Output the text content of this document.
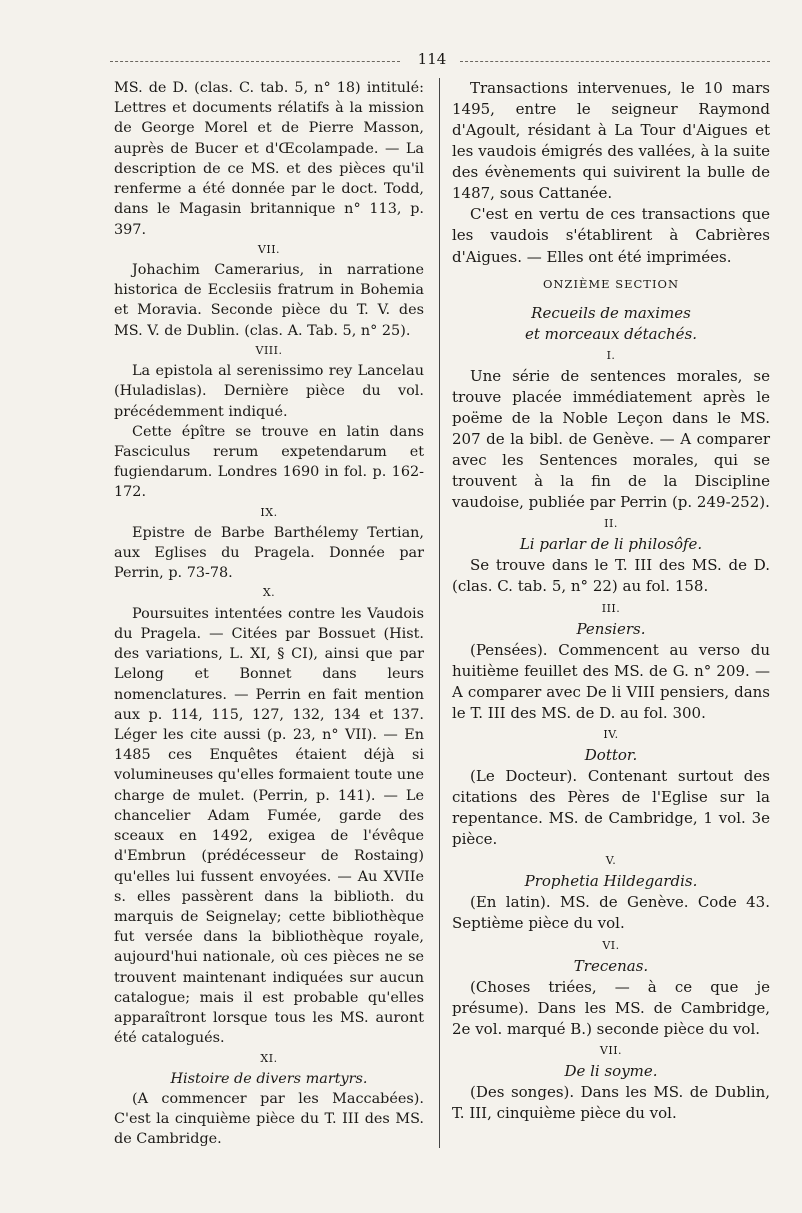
114

MS. de D. (clas. C. tab. 5, n° 18) intitulé: Lettres et documents rélatifs à la mission de George Morel et de Pierre Masson, auprès de Bucer et d'Œcolampade. — La description de ce MS. et des pièces qu'il renferme a été donnée par le doct. Todd, dans le Magasin britannique n° 113, p. 397.

VII.

Johachim Camerarius, in narratione historica de Ecclesiis fratrum in Bohemia et Moravia. Seconde pièce du T. V. des MS. V. de Dublin. (clas. A. Tab. 5, n° 25).

VIII.

La epistola al serenissimo rey Lancelau (Huladislas). Dernière pièce du vol. précédemment indiqué.

Cette épître se trouve en latin dans Fasciculus rerum expetendarum et fugiendarum. Londres 1690 in fol. p. 162-172.

IX.

Epistre de Barbe Barthélemy Tertian, aux Eglises du Pragela. Donnée par Perrin, p. 73-78.

X.

Poursuites intentées contre les Vaudois du Pragela. — Citées par Bossuet (Hist. des variations, L. XI, § CI), ainsi que par Lelong et Bonnet dans leurs nomenclatures. — Perrin en fait mention aux p. 114, 115, 127, 132, 134 et 137. Léger les cite aussi (p. 23, n° VII). — En 1485 ces Enquêtes étaient déjà si volumineuses qu'elles formaient toute une charge de mulet. (Perrin, p. 141). — Le chancelier Adam Fumée, garde des sceaux en 1492, exigea de l'évêque d'Embrun (prédécesseur de Rostaing) qu'elles lui fussent envoyées. — Au XVIIe s. elles passèrent dans la biblioth. du marquis de Seignelay; cette bibliothèque fut versée dans la bibliothèque royale, aujourd'hui nationale, où ces pièces ne se trouvent maintenant indiquées sur aucun catalogue; mais il est probable qu'elles apparaîtront lorsque tous les MS. auront été catalogués.

XI.

Histoire de divers martyrs.

(A commencer par les Maccabées). C'est la cinquième pièce du T. III des MS. de Cambridge.

Transactions intervenues, le 10 mars 1495, entre le seigneur Raymond d'Agoult, résidant à La Tour d'Aigues et les vaudois émigrés des vallées, à la suite des évènements qui suivirent la bulle de 1487, sous Cattanée.

C'est en vertu de ces transactions que les vaudois s'établirent à Cabrières d'Aigues. — Elles ont été imprimées.

ONZIÈME SECTION

Recueils de maximes

et morceaux détachés.

I.

Une série de sentences morales, se trouve placée immédiatement après le poëme de la Noble Leçon dans le MS. 207 de la bibl. de Genève. — A comparer avec les Sentences morales, qui se trouvent à la fin de la Discipline vaudoise, publiée par Perrin (p. 249-252).

II.

Li parlar de li philosôfe.

Se trouve dans le T. III des MS. de D. (clas. C. tab. 5, n° 22) au fol. 158.

III.

Pensiers.

(Pensées). Commencent au verso du huitième feuillet des MS. de G. n° 209. — A comparer avec De li VIII pensiers, dans le T. III des MS. de D. au fol. 300.

IV.

Dottor.

(Le Docteur). Contenant surtout des citations des Pères de l'Eglise sur la repentance. MS. de Cambridge, 1 vol. 3e pièce.

V.

Prophetia Hildegardis.

(En latin). MS. de Genève. Code 43. Septième pièce du vol.

VI.

Trecenas.

(Choses triées, — à ce que je présume). Dans les MS. de Cambridge, 2e vol. marqué B.) seconde pièce du vol.

VII.

De li soyme.

(Des songes). Dans les MS. de Dublin, T. III, cinquième pièce du vol.
